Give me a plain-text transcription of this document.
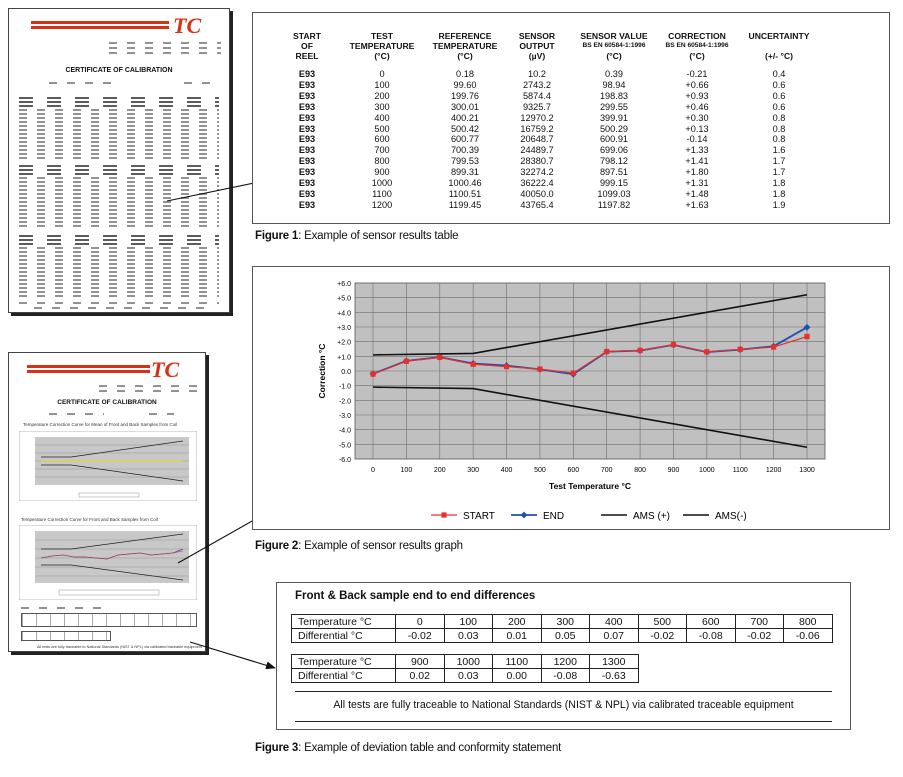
TC
CERTIFICATE OF CALIBRATION
TC
CERTIFICATE OF CALIBRATION
Temperature Correction Curve for Mean of Front and Back Samples from Coil
Temperature Correction Curve for Front and Back Samples from Coil
All tests are fully traceable to National Standards (NIST & NPL) via calibrated traceable equipment
START
OF
REEL
TEST
TEMPERATURE
(°C)
REFERENCE
TEMPERATURE
(°C)
SENSOR
OUTPUT
(µV)
SENSOR VALUE
BS EN 60584-1:1996
(°C)
CORRECTION
BS EN 60584-1:1996
(°C)
UNCERTAINTY
(+/- °C)
E93	0	0.18	10.2	0.39	-0.21	0.4
E93	100	99.60	2743.2	98.94	+0.66	0.6
E93	200	199.76	5874.4	198.83	+0.93	0.6
E93	300	300.01	9325.7	299.55	+0.46	0.6
E93	400	400.21	12970.2	399.91	+0.30	0.8
E93	500	500.42	16759.2	500.29	+0.13	0.8
E93	600	600.77	20648.7	600.91	-0.14	0.8
E93	700	700.39	24489.7	699.06	+1.33	1.6
E93	800	799.53	28380.7	798.12	+1.41	1.7
E93	900	899.31	32274.2	897.51	+1.80	1.7
E93	1000	1000.46	36222.4	999.15	+1.31	1.8
E93	1100	1100.51	40050.0	1099.03	+1.48	1.8
E93	1200	1199.45	43765.4	1197.82	+1.63	1.9
Figure 1: Example of sensor results table
+6.0
+5.0
+4.0
+3.0
+2.0
+1.0
0.0
-1.0
-2.0
-3.0
-4.0
-5.0
-6.0
0	100	200	300	400	500	600	700	800	900	1000	1100	1200	1300
Test Temperature °C
Correction °C
START	END	AMS (+)	AMS(-)
Figure 2: Example of sensor results graph
Front & Back sample end to end differences
Temperature °C	0	100	200	300	400	500	600	700	800
Differential °C	-0.02	0.03	0.01	0.05	0.07	-0.02	-0.08	-0.02	-0.06
Temperature °C	900	1000	1100	1200	1300
Differential °C	0.02	0.03	0.00	-0.08	-0.63
All tests are fully traceable to National Standards (NIST & NPL) via calibrated traceable equipment
Figure 3: Example of deviation table and conformity statement
